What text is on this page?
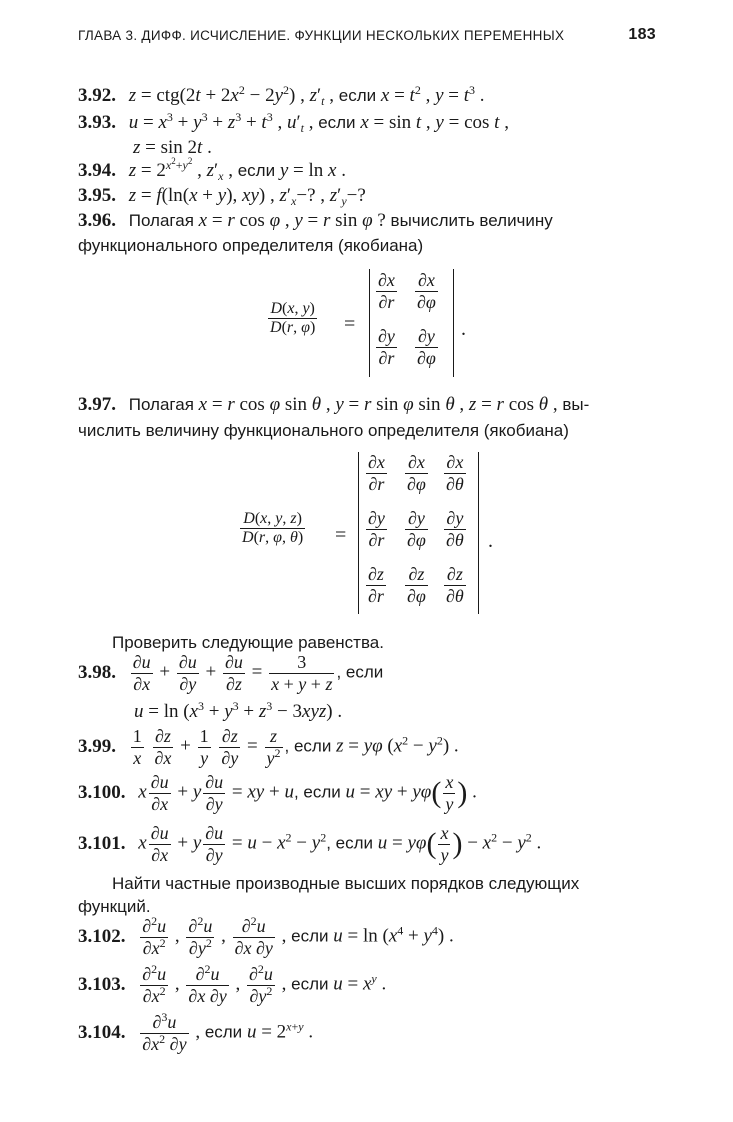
ГЛАВА 3. ДИФФ. ИСЧИСЛЕНИЕ. ФУНКЦИИ НЕСКОЛЬКИХ ПЕРЕМЕННЫХ	183
3.92. $z = ctg(2t + 2x^2 - 2y^2)$ , $z'_t$ , если $x = t^2$ , $y = t^3$ .
3.93. $u = x^3 + y^3 + z^3 + t^3$ , $u'_t$ , если x = sin t , y = cos t ,
z = sin 2t .
3.94. $z = 2^{x^2+y^2}$ , $z'_x$ , если y = ln x .
3.95. z = f(ln(x + y), xy) , $z'_x-$? , $z'_y-$?
3.96. Полагая x = r cos φ , y = r sin φ ? вычислить величину
функционального определителя (якобиана)
$\frac{D(x, y)}{D(r, \varphi)}$ =
$\frac{\partial x}{\partial r} \frac{\partial x}{\partial\varphi}$
$\frac{\partial y}{\partial r} \frac{\partial y}{\partial\varphi}$ .
3.97. Полагая x = r cos φ sin θ , y = r sin φ sin θ , z = r cos θ , вы-
числить величину функционального определителя (якобиана)
$\frac{D(x, y, z)}{D(r, \varphi, \theta)}$ =
$\frac{\partial x}{\partial r} \frac{\partial x}{\partial\varphi} \frac{\partial x}{\partial\theta}$
$\frac{\partial y}{\partial r} \frac{\partial y}{\partial\varphi} \frac{\partial y}{\partial\theta}$
$\frac{\partial z}{\partial r} \frac{\partial z}{\partial\varphi} \frac{\partial z}{\partial\theta}$
.
Проверить следующие равенства.
3.98. $\frac{\partial u}{\partial x} + \frac{\partial u}{\partial y} + \frac{\partial u}{\partial z} = \frac{3}{x + y + z}$ , если
$u = \ln (x^3 + y^3 + z^3 - 3xyz)$ .
3.99. $\frac{1}{x}$
$\frac{\partial z}{\partial x} + \frac{1}{y}$
$\frac{\partial z}{\partial y} = \frac{z}{y^2}$ , если z = yφ $(x^2 - y^2)$ .
3.100. x $\frac{\partial u}{\partial x} + y \frac{\partial u}{\partial y}$ = xy + u, если u = xy + $y\varphi( \frac{x}{y}$ ) .
3.101. x $\frac{\partial u}{\partial x} + y \frac{\partial u}{\partial y} = u - x^2 - y^2$, если $u = y\varphi( \frac{x}{y}$ ) − $x^2 - y^2$ .
Найти частные производные высших порядков следующих
функций.
3.102. $\frac{\partial^2u}{\partial x^2}$ , $\frac{\partial^2u}{\partial y^2}$ , $\frac{\partial^2u}{\partial x \partial y}$ , если $u = \ln (x^4 + y^4)$ .
3.103. $\frac{\partial^2u}{\partial x^2}$ , $\frac{\partial^2u}{\partial x \partial y}$ , $\frac{\partial^2u}{\partial y^2}$ , если $u = x^y$ .
3.104. $\frac{\partial^3u}{\partial x^2 \partial y}$ , если $u = 2^{x+y}$ .
